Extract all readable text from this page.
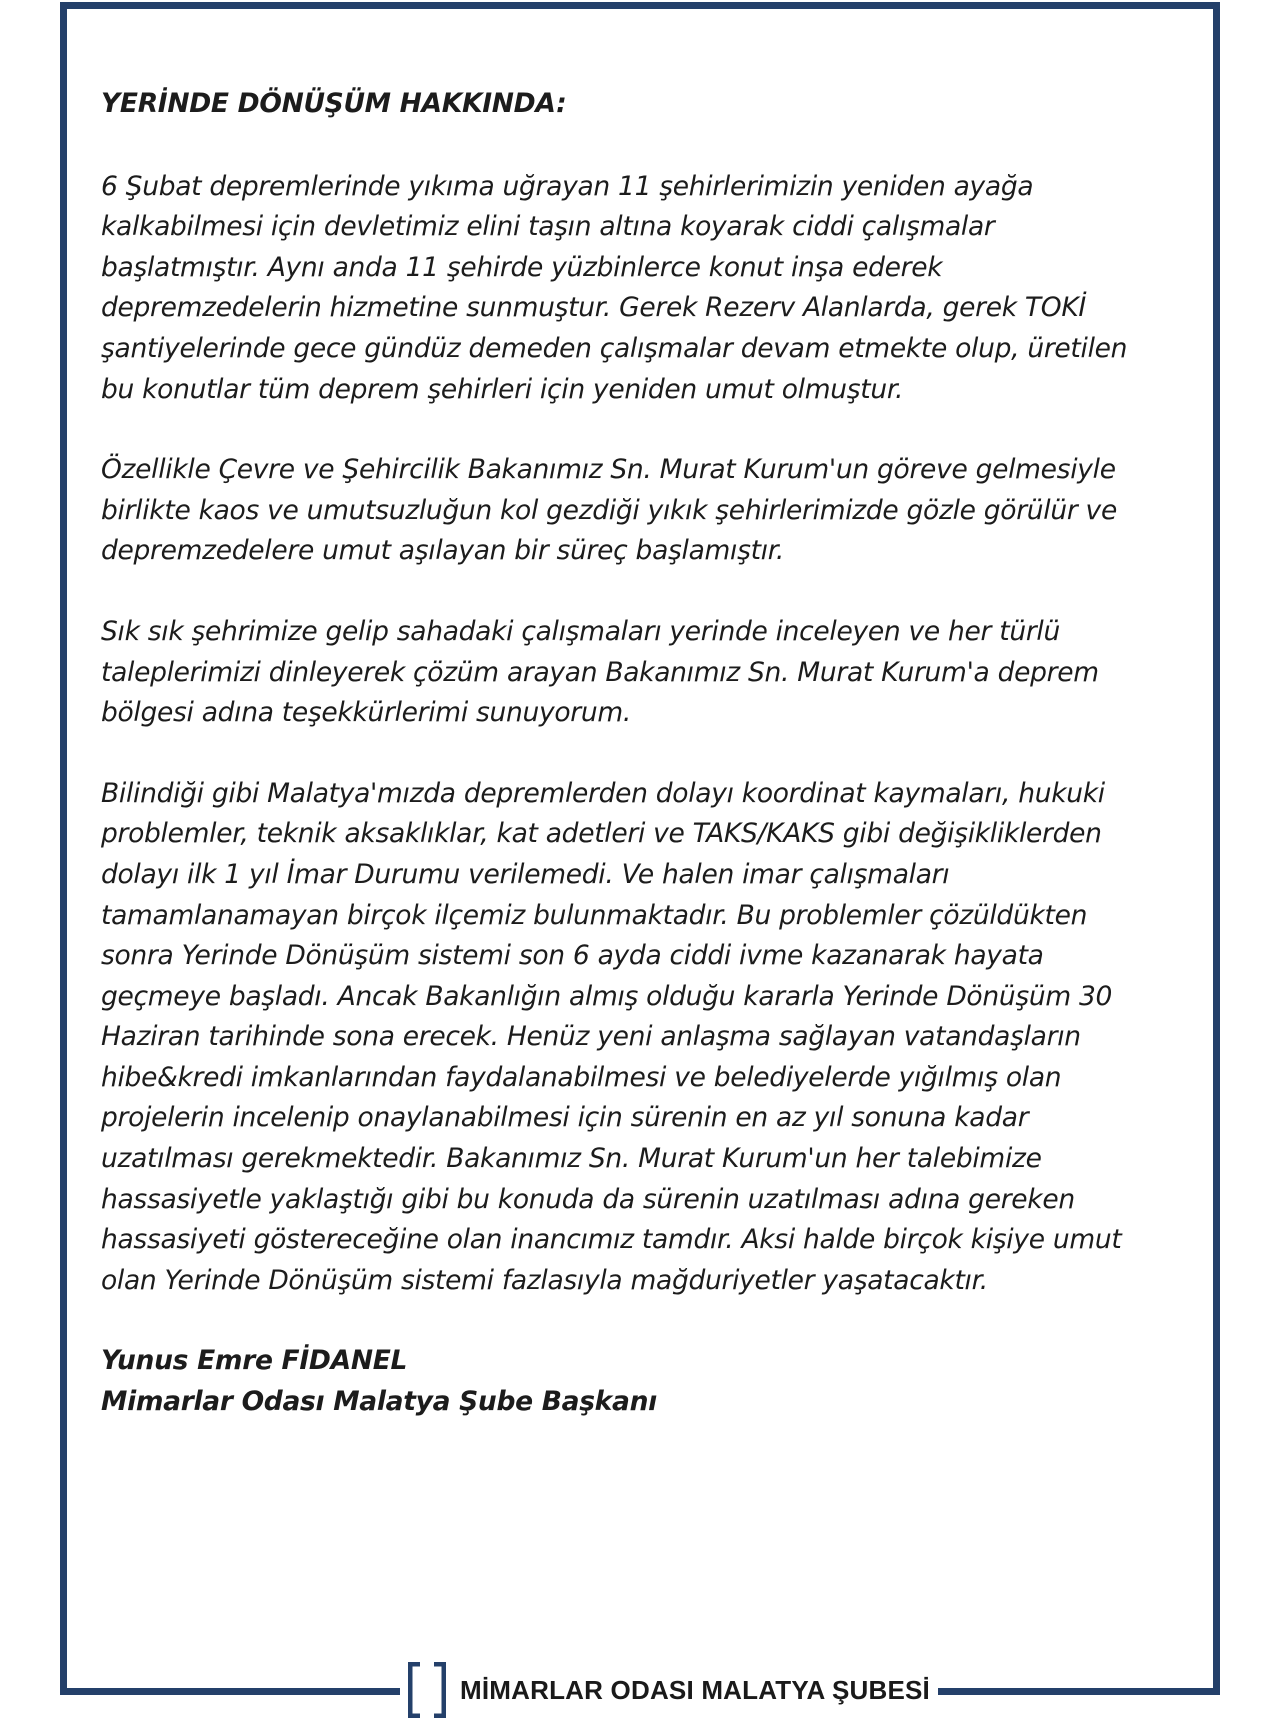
YERİNDE DÖNÜŞÜM HAKKINDA:

6 Şubat depremlerinde yıkıma uğrayan 11 şehirlerimizin yeniden ayağa kalkabilmesi için devletimiz elini taşın altına koyarak ciddi çalışmalar başlatmıştır. Aynı anda 11 şehirde yüzbinlerce konut inşa ederek depremzedelerin hizmetine sunmuştur. Gerek Rezerv Alanlarda, gerek TOKİ şantiyelerinde gece gündüz demeden çalışmalar devam etmekte olup, üretilen bu konutlar tüm deprem şehirleri için yeniden umut olmuştur.

Özellikle Çevre ve Şehircilik Bakanımız Sn. Murat Kurum'un göreve gelmesiyle birlikte kaos ve umutsuzluğun kol gezdiği yıkık şehirlerimizde gözle görülür ve depremzedelere umut aşılayan bir süreç başlamıştır.

Sık sık şehrimize gelip sahadaki çalışmaları yerinde inceleyen ve her türlü taleplerimizi dinleyerek çözüm arayan Bakanımız Sn. Murat Kurum'a deprem bölgesi adına teşekkürlerimi sunuyorum.

Bilindiği gibi Malatya'mızda depremlerden dolayı koordinat kaymaları, hukuki problemler, teknik aksaklıklar, kat adetleri ve TAKS/KAKS gibi değişikliklerden dolayı ilk 1 yıl İmar Durumu verilemedi. Ve halen imar çalışmaları tamamlanamayan birçok ilçemiz bulunmaktadır. Bu problemler çözüldükten sonra Yerinde Dönüşüm sistemi son 6 ayda ciddi ivme kazanarak hayata geçmeye başladı. Ancak Bakanlığın almış olduğu kararla Yerinde Dönüşüm 30 Haziran tarihinde sona erecek. Henüz yeni anlaşma sağlayan vatandaşların hibe&kredi imkanlarından faydalanabilmesi ve belediyelerde yığılmış olan projelerin incelenip onaylanabilmesi için sürenin en az yıl sonuna kadar uzatılması gerekmektedir. Bakanımız Sn. Murat Kurum'un her talebimize hassasiyetle yaklaştığı gibi bu konuda da sürenin uzatılması adına gereken hassasiyeti göstereceğine olan inancımız tamdır. Aksi halde birçok kişiye umut olan Yerinde Dönüşüm sistemi fazlasıyla mağduriyetler yaşatacaktır.

Yunus Emre FİDANEL

Mimarlar Odası Malatya Şube Başkanı

MİMARLAR ODASI MALATYA ŞUBESİ
